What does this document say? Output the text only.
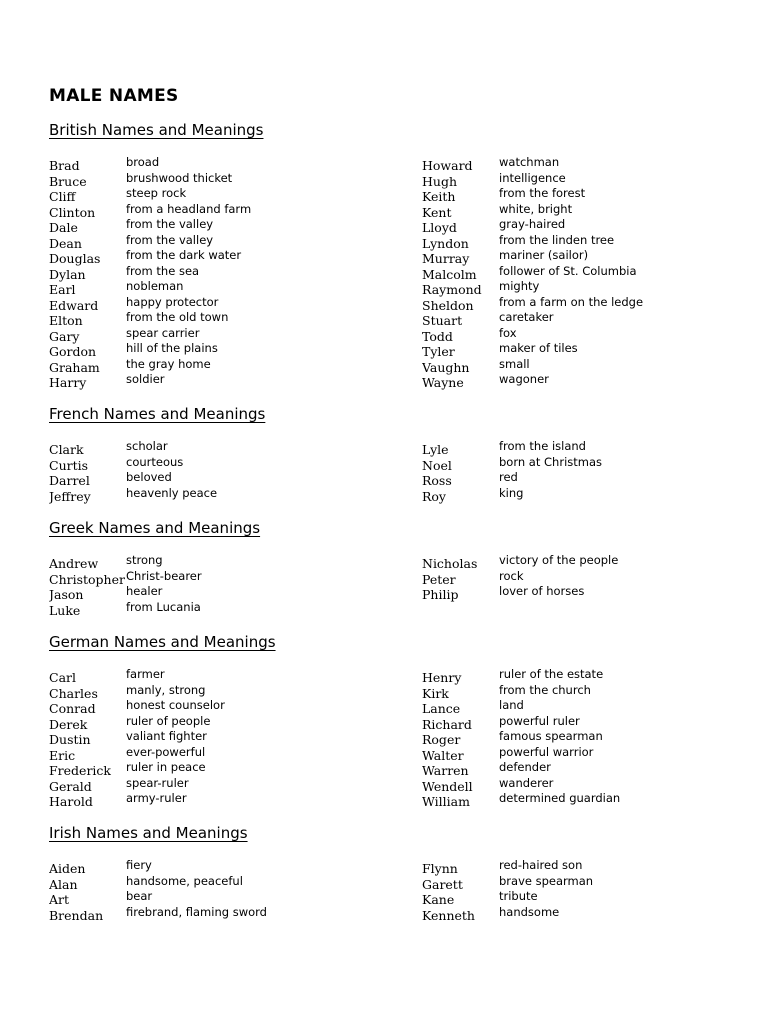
MALE NAMES
British Names and Meanings
Brad	broad
Bruce	brushwood thicket
Cliff	steep rock
Clinton	from a headland farm
Dale	from the valley
Dean	from the valley
Douglas	from the dark water
Dylan	from the sea
Earl	nobleman
Edward	happy protector
Elton	from the old town
Gary	spear carrier
Gordon	hill of the plains
Graham	the gray home
Harry	soldier
Howard	watchman
Hugh	intelligence
Keith	from the forest
Kent	white, bright
Lloyd	gray-haired
Lyndon	from the linden tree
Murray	mariner (sailor)
Malcolm	follower of St. Columbia
Raymond	mighty
Sheldon	from a farm on the ledge
Stuart	caretaker
Todd	fox
Tyler	maker of tiles
Vaughn	small
Wayne	wagoner
French Names and Meanings
Clark	scholar
Curtis	courteous
Darrel	beloved
Jeffrey	heavenly peace
Lyle	from the island
Noel	born at Christmas
Ross	red
Roy	king
Greek Names and Meanings
Andrew	strong
Christopher Christ-bearer
Jason	healer
Luke	from Lucania
Nicholas	victory of the people
Peter	rock
Philip	lover of horses
German Names and Meanings
Carl	farmer
Charles	manly, strong
Conrad	honest counselor
Derek	ruler of people
Dustin	valiant fighter
Eric	ever-powerful
Frederick	ruler in peace
Gerald	spear-ruler
Harold	army-ruler
Henry	ruler of the estate
Kirk	from the church
Lance	land
Richard	powerful ruler
Roger	famous spearman
Walter	powerful warrior
Warren	defender
Wendell	wanderer
William	determined guardian
Irish Names and Meanings
Aiden	fiery
Alan	handsome, peaceful
Art	bear
Brendan	firebrand, flaming sword
Flynn	red-haired son
Garett	brave spearman
Kane	tribute
Kenneth	handsome
